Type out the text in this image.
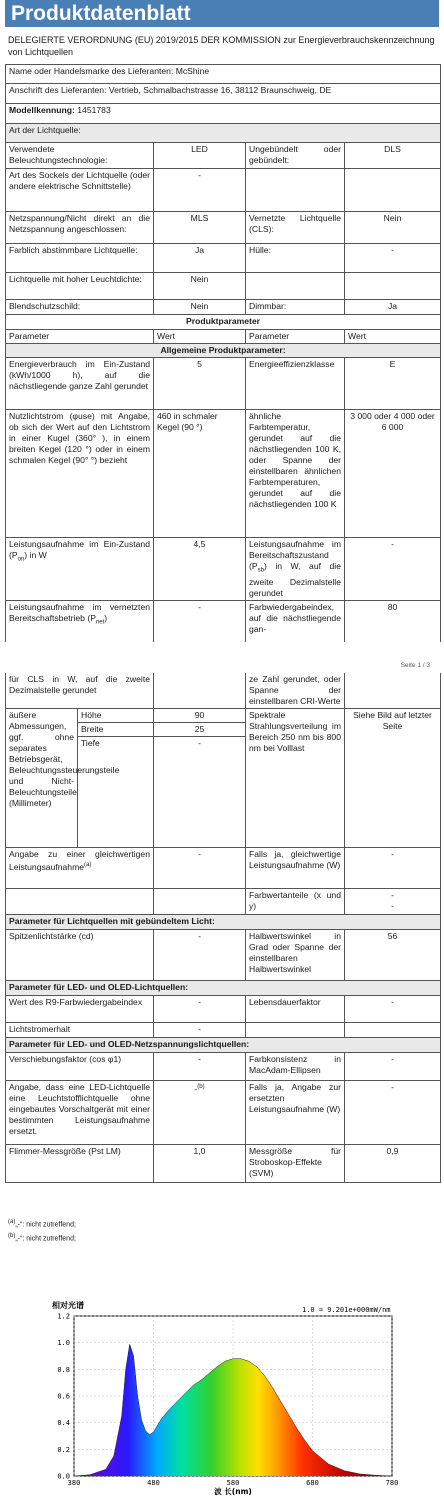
Produktdatenblatt
DELEGIERTE VERORDNUNG (EU) 2019/2015 DER KOMMISSION zur Energieverbrauchskennzeichnung von Lichtquellen
Name oder Handelsmarke des Lieferanten: McShine			
Anschrift des Lieferanten: Vertrieb, Schmalbachstrasse 16, 38112 Braunschweig, DE			
Modellkennung: 1451783			
Art der Lichtquelle:			
Verwendete Beleuchtungstechnologie:	LED	Ungebündelt oder gebündelt:	DLS
Art des Sockels der Lichtquelle (oder andere elektrische Schnittstelle)	-		
Netzspannung/Nicht direkt an die Netzspannung angeschlossen:	MLS	Vernetzte Lichtquelle (CLS):	Nein
Farblich abstimmbare Lichtquelle:	Ja	Hülle:	-
Lichtquelle mit hoher Leuchtdichte:	Nein		
Blendschutzschild:	Nein	Dimmbar:	Ja
Produktparameter			
Parameter	Wert	Parameter	Wert
Allgemeine Produktparameter:			
Energieverbrauch im Ein-Zustand (kWh/1000 h), auf die nächstliegende ganze Zahl gerundet	5	Energieeffizienzklasse	E
Nutzlichtstrom (φuse) mit Angabe, ob sich der Wert auf den Lichtstrom in einer Kugel (360° ), in einem breiten Kegel (120 °) oder in einem schmalen Kegel (90° °) bezieht	460 in schmaler Kegel (90 °)	ähnliche Farbtemperatur, gerundet auf die nächstliegenden 100 K, oder Spanne der einstellbaren ähnlichen Farbtemperaturen, gerundet auf die nächstliegenden 100 K	3 000 oder 4 000 oder 6 000
Leistungsaufnahme im Ein-Zustand $(P_{on})$ in W	4,5	Leistungsaufnahme im Bereitschaftszustand $(P_{sb})$ in W, auf die zweite Dezimalstelle gerundet	-
Leistungsaufnahme im vernetzten Bereitschaftsbetrieb $(P_{net})$	-	Farbwiedergabeindex, auf die nächstliegende gan-	80
Seite 1 / 3
für CLS in W, auf die zweite Dezimalstelle gerundet			ze Zahl gerundet, oder Spanne der einstellbaren CRI-Werte	
äußere Abmessungen, ggf. ohne separates Betriebsgerät, Beleuchtungssteuerungsteile und Nicht-Beleuchtungsteile (Millimeter)	Höhe	90	Spektrale Strahlungsverteilung im Bereich 250 nm bis 800 nm bei Volllast	Siehe Bild auf letzter Seite
	Breite	25		
	Tiefe	-		
Angabe zu einer gleichwertigen Leistungsaufnahme$^{(a)}$		-	Falls ja, gleichwertige Leistungsaufnahme (W)	-
			Farbwertanteile (x und y)	-
-

Parameter für Lichtquellen mit gebündeltem Licht:				
Spitzenlichtstärke (cd)		-	Halbwertswinkel in Grad oder Spanne der einstellbaren Halbwertswinkel	56
Parameter für LED- und OLED-Lichtquellen:				
Wert des R9-Farbwiedergabeindex		-	Lebensdauerfaktor	-
Lichtstromerhalt		-		
Parameter für LED- und OLED-Netzspannungslichtquellen:				
Verschiebungsfaktor (cos φ1)		-	Farbkonsistenz in MacAdam-Ellipsen	-
Angabe, dass eine LED-Lichtquelle eine Leuchtstofflichtquelle ohne eingebautes Vorschaltgerät mit einer bestimmten Leistungsaufnahme ersetzt.		-$^{(b)}$	Falls ja, Angabe zur ersetzten Leistungsaufnahme (W)	-
Flimmer-Messgröße (Pst LM)		1,0	Messgröße für Stroboskop-Effekte (SVM)	0,9
(a)„-“: nicht zutreffend;
(b)„-“: nicht zutreffend;
相对光谱	1.0 = 9.201e+000mW/nm
0.0
0.2
0.4
0.6
0.8
1.0
1.2
380	480	580	680	780
波 长(nm)
